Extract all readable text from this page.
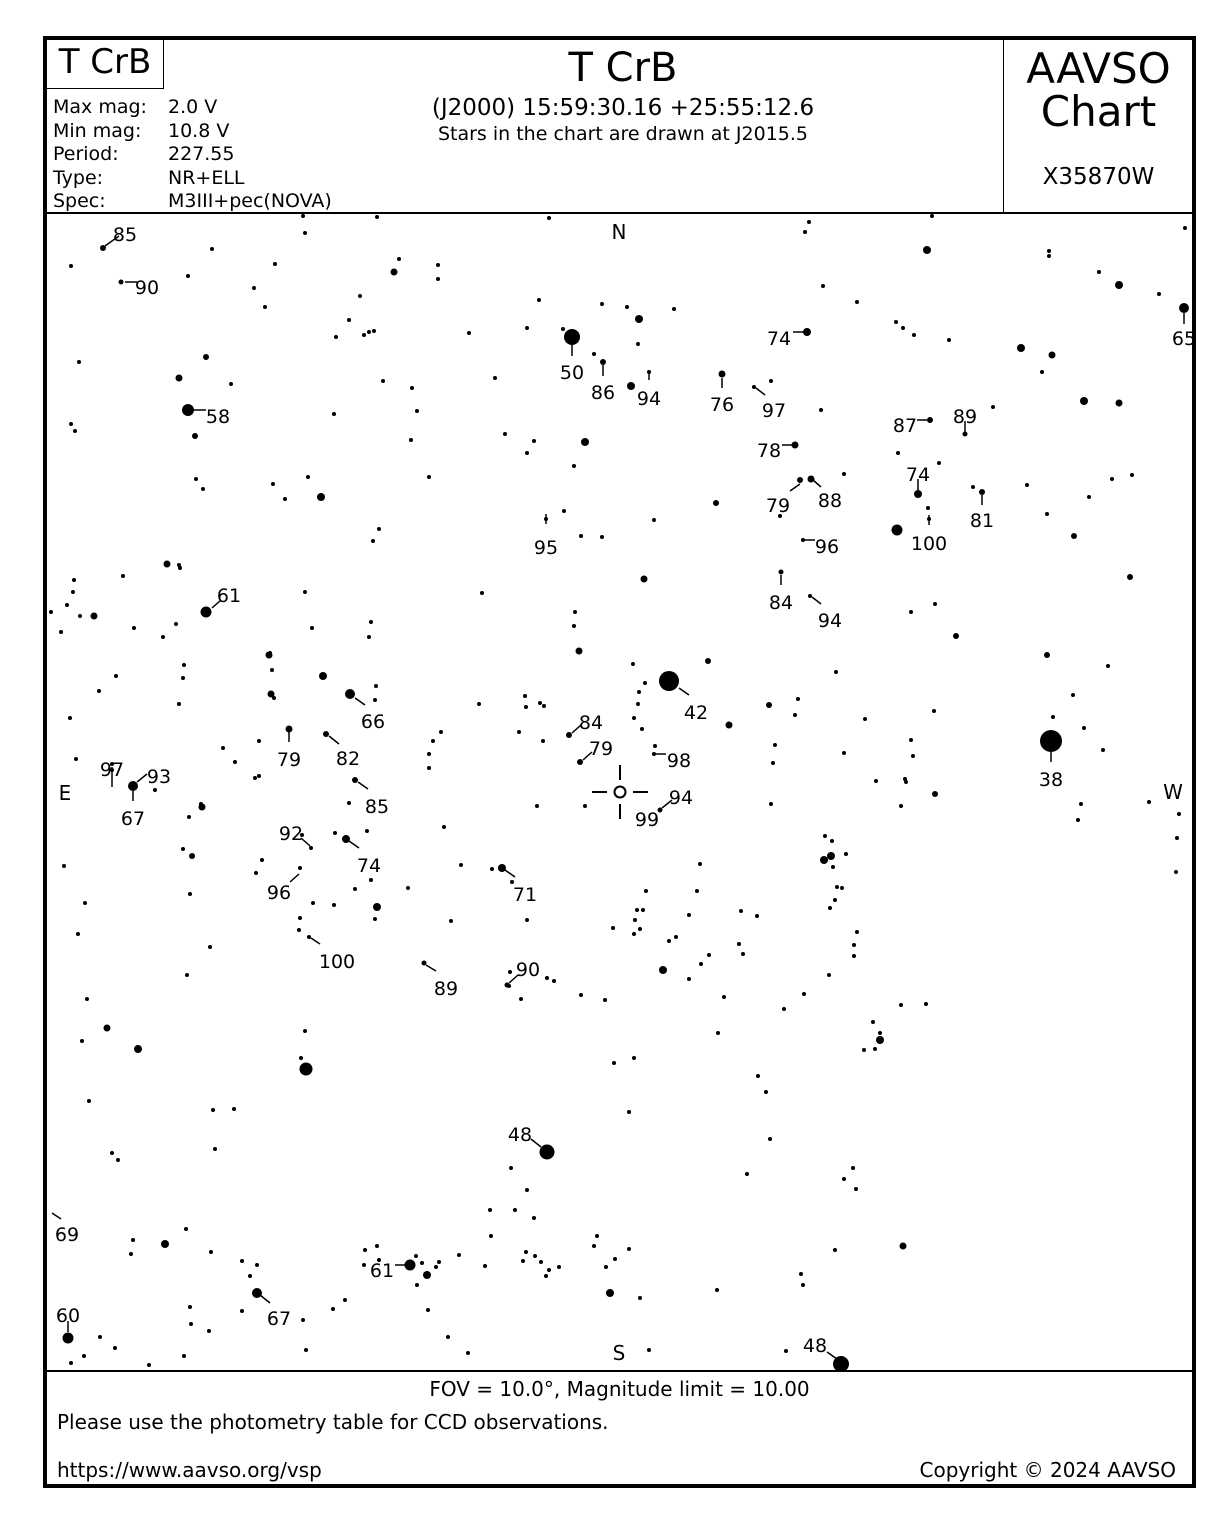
T CrB
Max mag:	2.0 V
Min mag:	10.8 V
Period:	227.55
Type:	NR+ELL
Spec:	M3III+pec(NOVA)
T CrB
(J2000) 15:59:30.16 +25:55:12.6
Stars in the chart are drawn at J2015.5
AAVSO
Chart
X35870W
85
90
50
86 94	76 97
74	65
58	87 89
78
74
79 88
81
95	100
96
84
94
61
42
38
66
79 82
84
79
98
97 93
67
85	94
99
92
74
96	71
100	90
89
48
69
61
60	67
48
N
S
E	W
FOV = 10.0°, Magnitude limit = 10.00
Please use the photometry table for CCD observations.
https://www.aavso.org/vsp	Copyright © 2024 AAVSO
